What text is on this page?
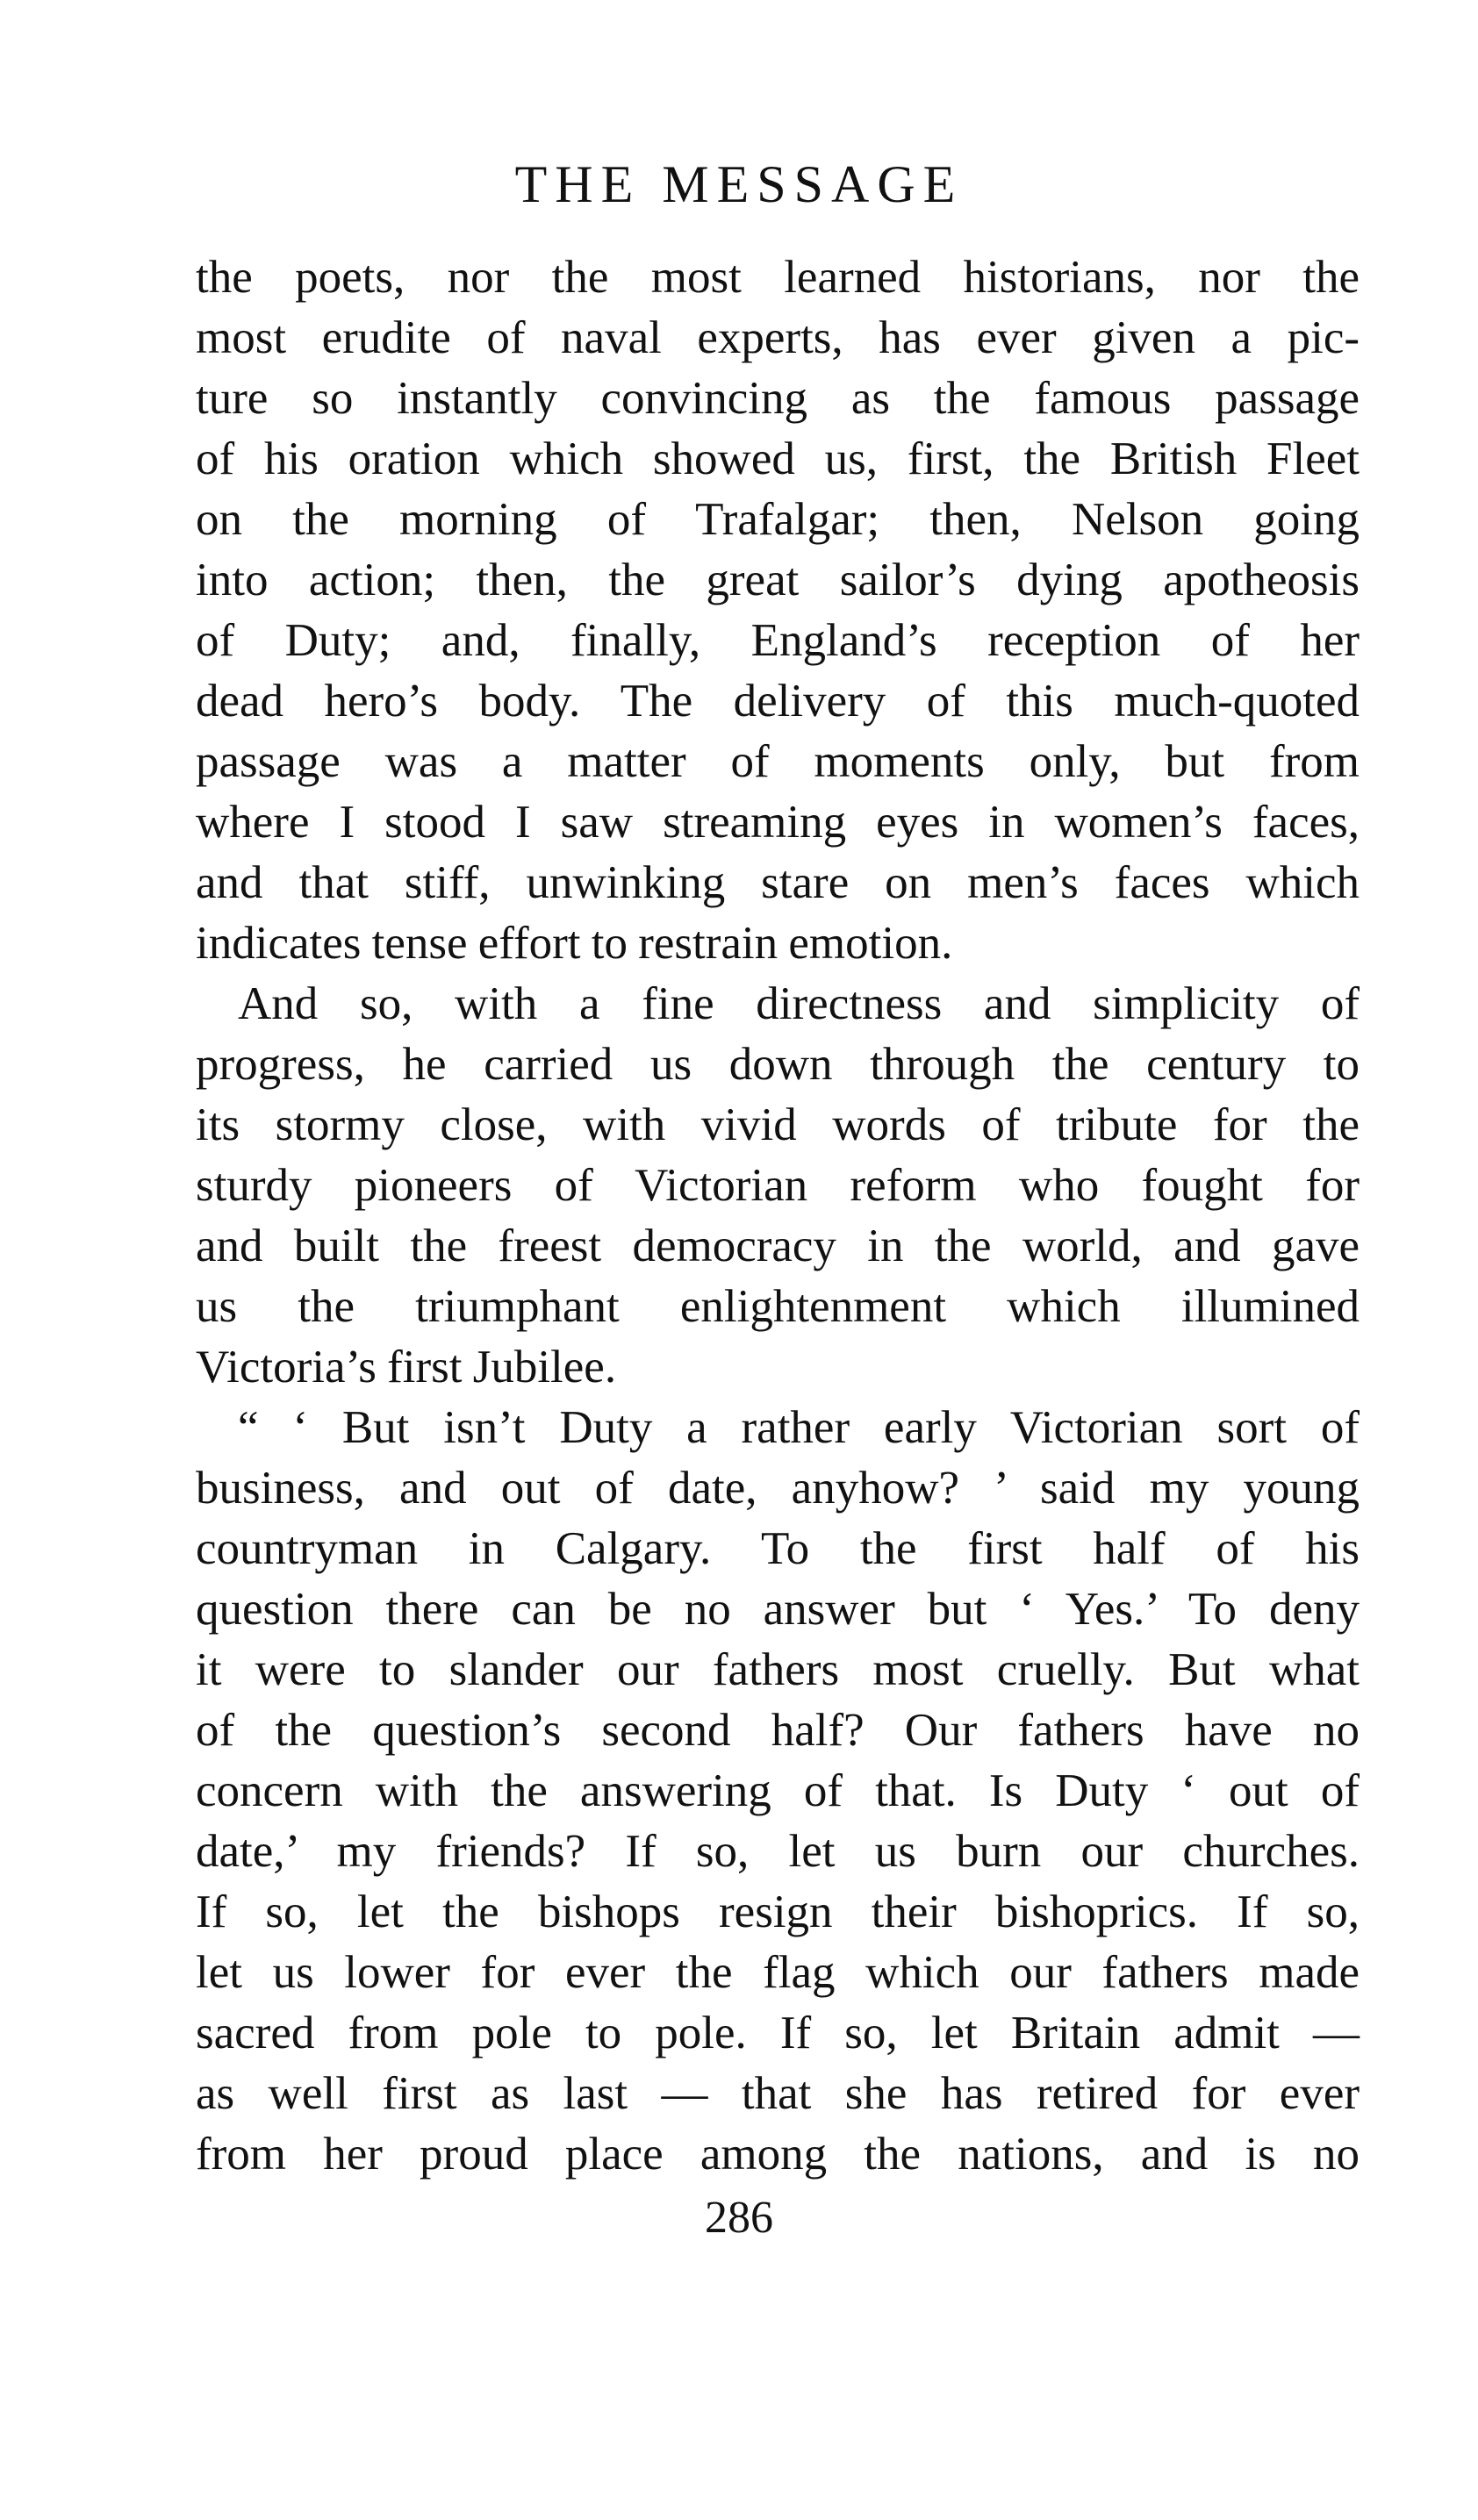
THE MESSAGE
the poets, nor the most learned historians, nor the
most erudite of naval experts, has ever given a pic-
ture so instantly convincing as the famous passage
of his oration which showed us, first, the British Fleet
on the morning of Trafalgar; then, Nelson going
into action; then, the great sailor’s dying apotheosis
of Duty; and, finally, England’s reception of her
dead hero’s body. The delivery of this much-quoted
passage was a matter of moments only, but from
where I stood I saw streaming eyes in women’s faces,
and that stiff, unwinking stare on men’s faces which
indicates tense effort to restrain emotion.
And so, with a fine directness and simplicity of
progress, he carried us down through the century to
its stormy close, with vivid words of tribute for the
sturdy pioneers of Victorian reform who fought for
and built the freest democracy in the world, and gave
us the triumphant enlightenment which illumined
Victoria’s first Jubilee.
“ ‘ But isn’t Duty a rather early Victorian sort of
business, and out of date, anyhow? ’ said my young
countryman in Calgary. To the first half of his
question there can be no answer but ‘ Yes.’ To deny
it were to slander our fathers most cruelly. But what
of the question’s second half? Our fathers have no
concern with the answering of that. Is Duty ‘ out of
date,’ my friends? If so, let us burn our churches.
If so, let the bishops resign their bishoprics. If so,
let us lower for ever the flag which our fathers made
sacred from pole to pole. If so, let Britain admit —
as well first as last — that she has retired for ever
from her proud place among the nations, and is no
286
